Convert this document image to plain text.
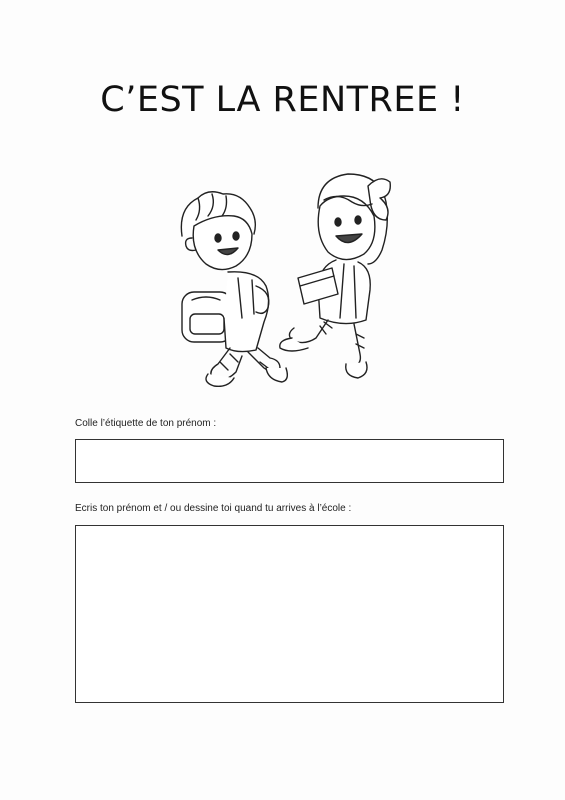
C’EST LA RENTREE !

Colle l’étiquette de ton prénom :

Ecris ton prénom et / ou dessine toi quand tu arrives à l’école :
